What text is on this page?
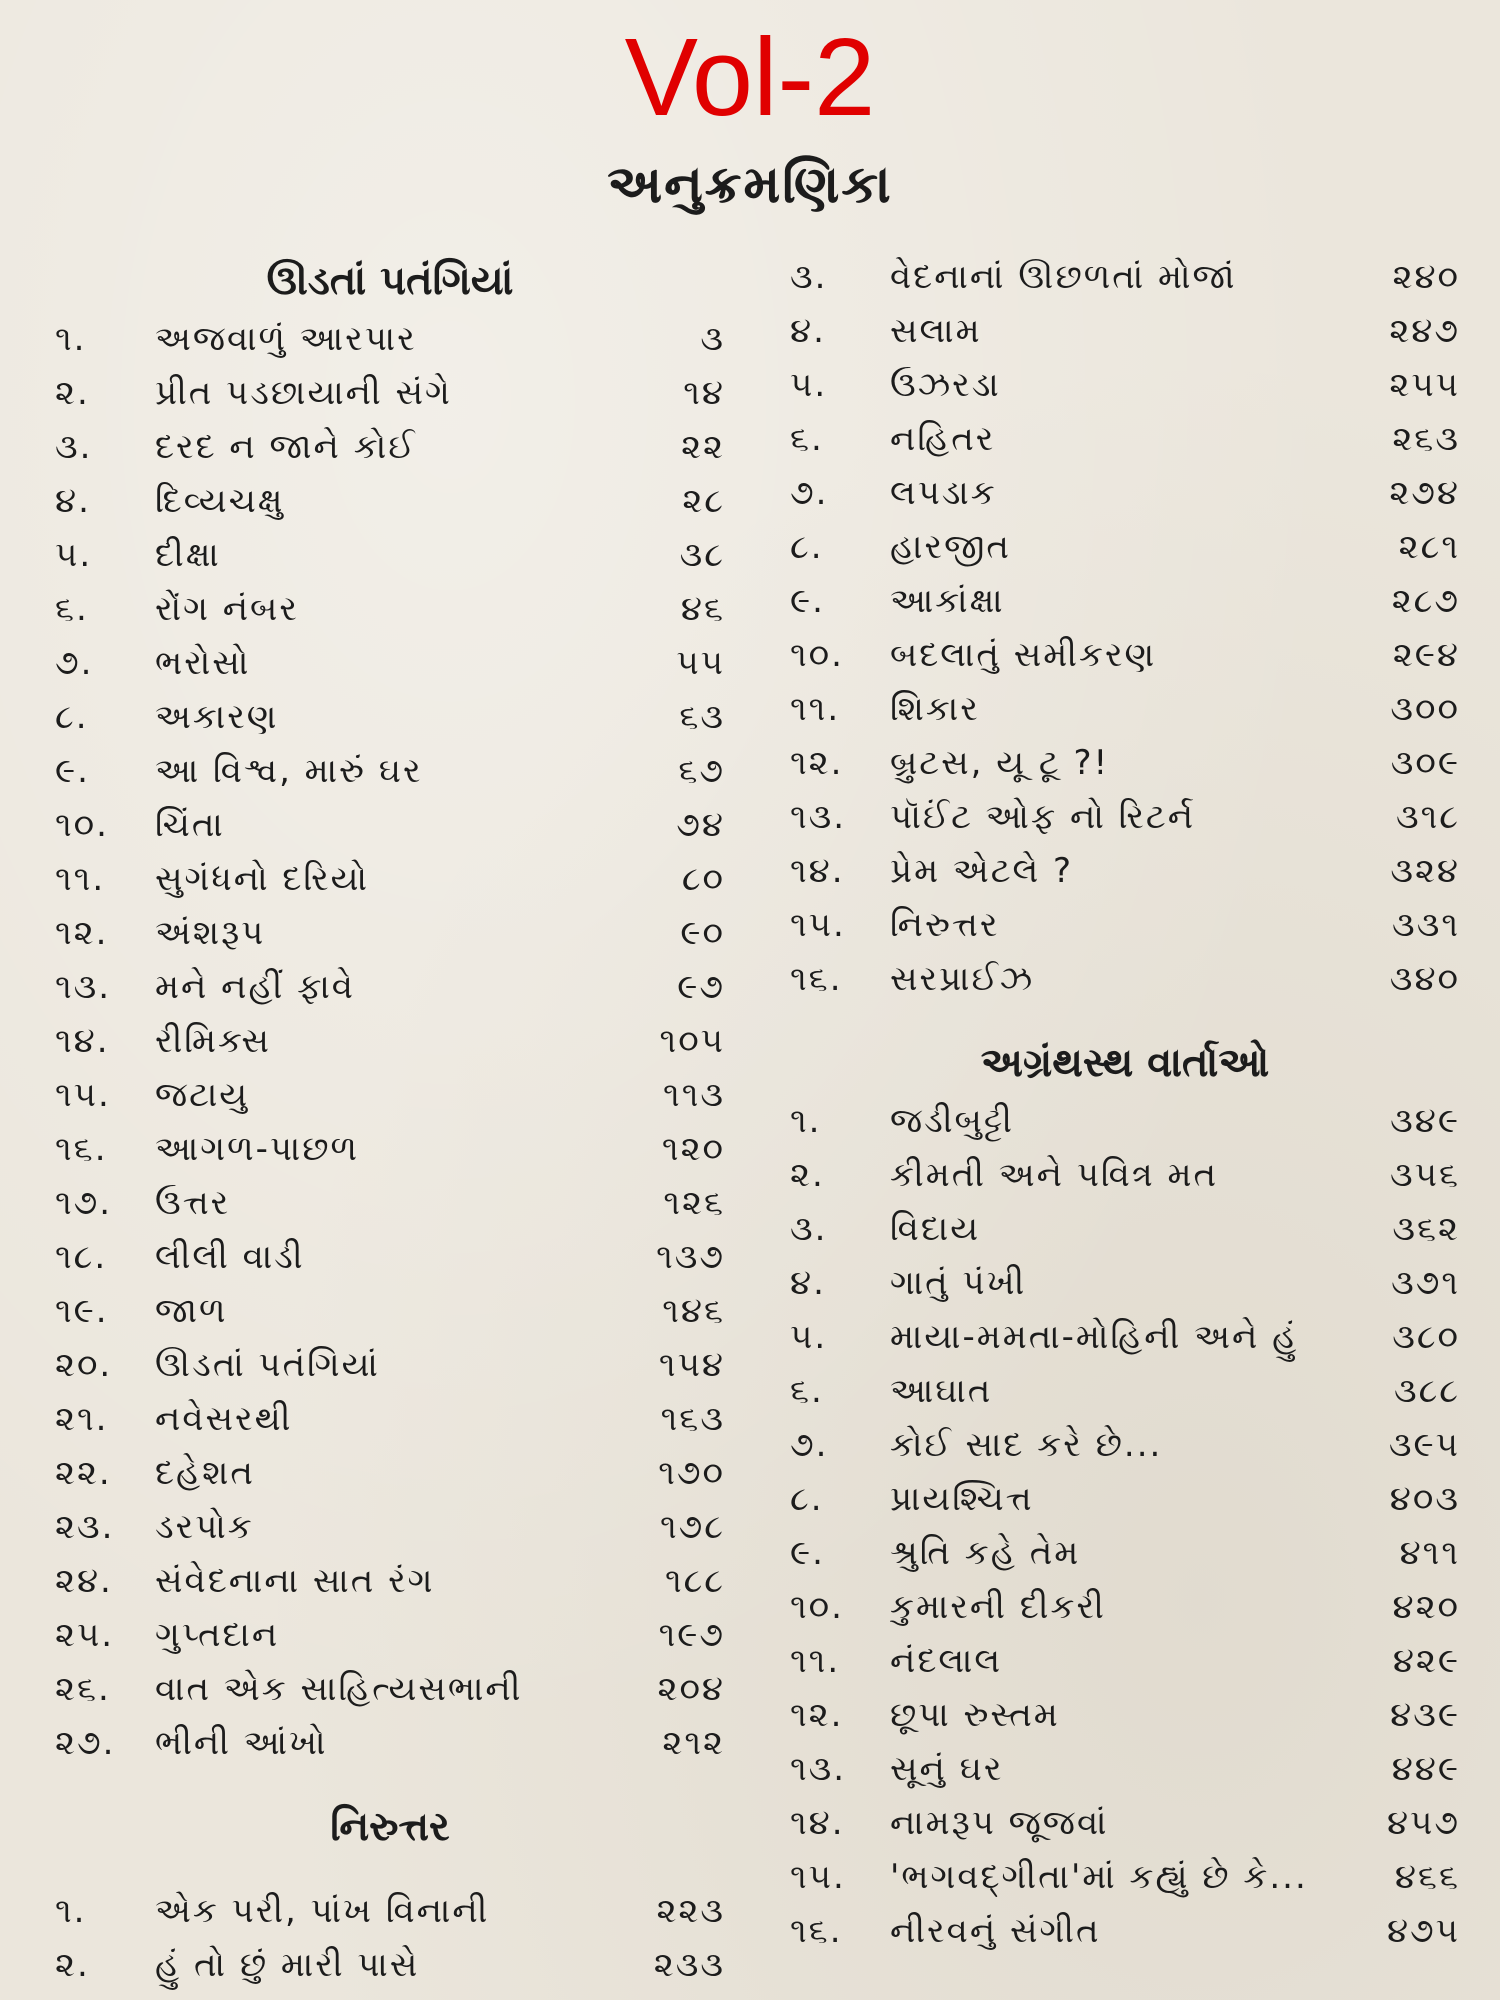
Vol-2
અનુક્રમણિકા
ઊડતાં પતંગિયાં
૧.	અજવાળું આરપાર	૩
૨.	પ્રીત પડછાયાની સંગે	૧૪
૩.	દરદ ન જાને કોઈ	૨૨
૪.	દિવ્યચક્ષુ	૨૮
૫.	દીક્ષા	૩૮
૬.	રોંગ નંબર	૪૬
૭.	ભરોસો	૫૫
૮.	અકારણ	૬૩
૯.	આ વિશ્વ, મારું ઘર	૬૭
૧૦.	ચિંતા	૭૪
૧૧.	સુગંધનો દરિયો	૮૦
૧૨.	અંશરૂપ	૯૦
૧૩.	મને નહીં ફાવે	૯૭
૧૪.	રીમિક્સ	૧૦૫
૧૫.	જટાયુ	૧૧૩
૧૬.	આગળ-પાછળ	૧૨૦
૧૭.	ઉત્તર	૧૨૬
૧૮.	લીલી વાડી	૧૩૭
૧૯.	જાળ	૧૪૬
૨૦.	ઊડતાં પતંગિયાં	૧૫૪
૨૧.	નવેસરથી	૧૬૩
૨૨.	દહેશત	૧૭૦
૨૩.	ડરપોક	૧૭૮
૨૪.	સંવેદનાના સાત રંગ	૧૮૮
૨૫.	ગુપ્તદાન	૧૯૭
૨૬.	વાત એક સાહિત્યસભાની	૨૦૪
૨૭.	ભીની આંખો	૨૧૨
નિરુત્તર
૧.	એક પરી, પાંખ વિનાની	૨૨૩
૨.	હું તો છું મારી પાસે	૨૩૩
૩.	વેદનાનાં ઊછળતાં મોજાં	૨૪૦
૪.	સલામ	૨૪૭
૫.	ઉઝરડા	૨૫૫
૬.	નહિતર	૨૬૩
૭.	લપડાક	૨૭૪
૮.	હારજીત	૨૮૧
૯.	આકાંક્ષા	૨૮૭
૧૦.	બદલાતું સમીકરણ	૨૯૪
૧૧.	શિકાર	૩૦૦
૧૨.	બ્રુટસ, યૂ ટૂ ?!	૩૦૯
૧૩.	પૉઈંટ ઓફ નો રિટર્ન	૩૧૮
૧૪.	પ્રેમ એટલે ?	૩૨૪
૧૫.	નિરુત્તર	૩૩૧
૧૬.	સરપ્રાઈઝ	૩૪૦
અગ્રંથસ્થ વાર્તાઓ
૧.	જડીબુટ્ટી	૩૪૯
૨.	કીમતી અને પવિત્ર મત	૩૫૬
૩.	વિદાય	૩૬૨
૪.	ગાતું પંખી	૩૭૧
૫.	માયા-મમતા-મોહિની અને હું	૩૮૦
૬.	આઘાત	૩૮૮
૭.	કોઈ સાદ કરે છે...	૩૯૫
૮.	પ્રાયશ્ચિત્ત	૪૦૩
૯.	શ્રુતિ કહે તેમ	૪૧૧
૧૦.	કુમારની દીકરી	૪૨૦
૧૧.	નંદલાલ	૪૨૯
૧૨.	છૂપા રુસ્તમ	૪૩૯
૧૩.	સૂનું ઘર	૪૪૯
૧૪.	નામરૂપ જૂજવાં	૪૫૭
૧૫.	'ભગવદ્ગીતા'માં કહ્યું છે કે...	૪૬૬
૧૬.	નીરવનું સંગીત	૪૭૫
